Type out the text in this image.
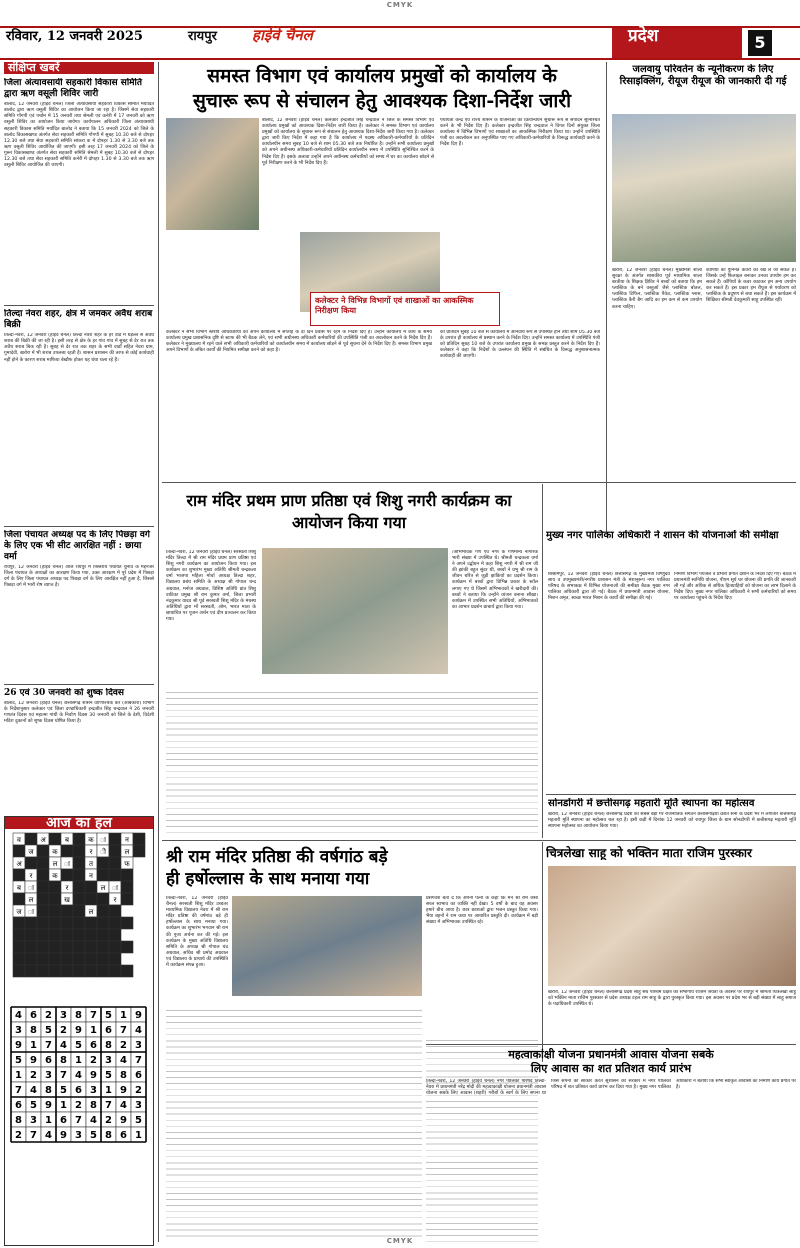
CMYK
रविवार, 12 जनवरी 2025	रायपुर हाईवे चैनल	प्रदेश	5
संक्षिप्त खबरें
जिला अंत्यावसायी सहकारी विकास समिति द्वारा ऋण वसूली शिविर जारी
बालोद, 12 जनवरी (हाईवे चैनल) जिला अंत्यावसायी सहकारी विकास समिति मर्यादित बालोद द्वारा ऋण वसूली शिविर का आयोजन किया जा रहा है। जिसमें सेवा सहकारी समिति गोंगपी एवं पर्चाम में 15 जनवरी तथा श्रेमली एवं कनेरी में 17 जनवरी को ऋण वसूली शिविर का आयोजन किया जायेगा। कार्यपालन अधिकारी जिला अंत्यावसायी सहकारी विकास समिति मर्यादित बालोद ने बताया कि 15 जनवरी 2024 को जिले के बालोद विकासखण्ड अंतर्गत सेवा सहकारी समिति गोंगपी में सुबह 10.30 बजे से दोपहर 12.30 बजे तथा सेवा सहकारी समिति सांकरा क में दोपहर 1.30 से 3.30 बजे तक ऋण वसूली शिविर आयोजित की जाएगी। इसी तरह 17 जनवरी 2024 को जिले के गुरूर विकासखण्ड अंतर्गत सेवा सहकारी समिति श्रेमली में सुबह 10.30 बजे से दोपहर 12.30 बजे तथा सेवा सहकारी समिति कनेरी में दोपहर 1.30 से 3.30 बजे तक ऋण वसूली शिविर आयोजित की जाएगी।
तिल्दा नेवरा शहर, क्षेत्र में जमकर अवैध शराब बिक्री
तिल्दा-नेवरा, 12 जनवरी (हाईवे चैनल) तिल्दा नेवरा शहर के हर वार्ड में धड़ल्ले से अवैध शराब की बिक्री की जा रही है। इसी तरह से क्षेत्र के हर गांव गांव में सुबह से देर रात तक अवैध शराब बिक रही है। सुबह से देर रात तक शहर के सभी वार्डों सहित नेवरा ग्राम, गुमादेवी, खरोरा में भी शराब उपलब्ध रहती है। शासन प्रशासन की तरफ से कोई कार्यवाही नहीं होने के कारण शराब माफिया बेखौफ होकर यह धंधा चला रहे हैं।
जिला पंचायत अध्यक्ष पद के लिए पिछड़ा वर्ग के लिए एक भी सीट आरक्षित नहीं : छाया वर्मा
रायपुर, 12 जनवरी (हाईवे चैनल) आज रायपुर में त्रिस्तरीय पंचायत चुनाव के मद्देनजर जिला पंचायत के अध्यक्षों का आरक्षण किया गया, उक्त आरक्षण में पूरे प्रदेश में पिछड़ा वर्ग के लिए जिला पंचायत अध्यक्ष पद पिछड़ा वर्ग के लिए आरक्षित नहीं हुआ है, जिससे पिछड़ा वर्ग में भारी रोष व्याप्त है।
26 एवं 30 जनवरी को शुष्क दिवस
बालोद, 12 जनवरी (हाईवे चैनल) छत्तीसगढ़ शासन वाणिज्यिक कर (आबकारी) विभाग के निर्देशानुसार कलेक्टर एवं जिला दण्डाधिकारी इन्द्रजीत सिंह चन्द्रवाल ने 26 जनवरी गणतंत्र दिवस एवं महात्मा गांधी के निर्वाण दिवस 30 जनवरी को जिले के देशी, विदेशी मदिरा दुकानों को शुष्क दिवस घोषित किया है।
आज का हल
व	अ	ब	क ा	न
ज	क	र ी	ल
अ	ल ा	त	फ
र	क	न
ब ा	र	ल ा
ल	ख	र
ज ा	ल

4 6 2 3 8 7 5 1 9
3 8 5 2 9 1 6 7 4
9 1 7 4 5 6 8 2 3
5 9 6 8 1 2 3 4 7
1 2 3 7 4 9 5 8 6
7 4 8 5 6 3 1 9 2
6 5 9 1 2 8 7 4 3
8 3 1 6 7 4 2 9 5
2 7 4 9 3 5 8 6 1
समस्त विभाग एवं कार्यालय प्रमुखों को कार्यालय के
सुचारू रूप से संचालन हेतु आवश्यक दिशा-निर्देश जारी
बालोद, 12 जनवरी (हाईवे चैनल) कलेक्टर इन्द्रजीत सिंह चन्द्रवाल ने जिले के समस्त विभाग एवं कार्यालय प्रमुखों को आवश्यक दिशा-निर्देश जारी किया है। कलेक्टर ने समस्त विभाग एवं कार्यालय प्रमुखों को कार्यालय के सुचारू रूप से संचालन हेतु आवश्यक दिशा-निर्देश जारी किया गया है। कलेक्टर द्वारा जारी किए निर्देश में कहा गया है कि कार्यालय में पदस्थ अधिकारी-कर्मचारियों के प्रतिदिन कार्यालयीन समय सुबह 10 बजे से शाम 05.30 बजे तक निर्धारित है। उन्होंने सभी कार्यालय प्रमुखों को अपने अधीनस्थ अधिकारी-कर्मचारियों प्रतिदिन कार्यालयीन समय में उपस्थिति सुनिश्चित करने के निर्देश दिए हैं। इसके अलावा उन्होंने अपने अधीनस्थ कर्मचारियों को समय में घर का कार्यालय छोड़ने से पूर्व निरीक्षण करने के भी निर्देश दिए हैं।
पंचायती केन्द्र एवं राज्य शासन के योजनाओं का क्रियान्वयन सुचारू रूप से संपादन सुनिश्चित करने के भी निर्देश दिए हैं। कलेक्टर इन्द्रजीत सिंह चन्द्रवाल ने विगत दिनों संयुक्त जिला कार्यालय में विभिन्न विभागों एवं शाखाओं का आकस्मिक निरीक्षण किया था। उन्होंने उपस्थिति पंजी का अवलोकन कर अनुपस्थित पाए गए अधिकारी-कर्मचारियों के विरूद्ध कार्यवाही करने के निर्देश दिए हैं।
कलेक्टर ने विभिन्न विभागों एवं शाखाओं का आकस्मिक निरीक्षण किया
कलेक्टर ने सभी विभाग स्तरीय अधिकारियों को अपने कार्यालय में सप्ताह के दो दिन प्रवास पर रहने के निर्देश दिए हैं। उन्होंने कार्यालय में कार्य के समय कार्यालय प्रमुख प्रशासनिक दृष्टि से स्टाफ की भी बैठक लेने, एवं सभी अधीनस्थ अधिकारी कर्मचारियों की उपस्थिति पंजी का अवलोकन करने के निर्देश दिए हैं। कलेक्टर ने मुख्यालय में रहने वाले सभी अधिकारी कर्मचारियों को कार्यालयीन समय में कार्यालय छोड़ने से पूर्व सूचना देने के निर्देश दिए हैं। समस्त विभाग प्रमुख अपने विभागों के लंबित कार्यों की नियमित समीक्षा करने को कहा है।
को प्रतिदिन सुबह 10 बजे से कार्यालय में अनिवार्य रूप से उपस्थित होने तथा शाम 05.30 बजे के उपरांत ही कार्यालय से प्रस्थान करने के निर्देश दिए। उन्होंने समस्त कार्यालय में उपस्थिति पंजी को प्रतिदिन सुबह 10 बजे के उपरांत कार्यालय प्रमुख के समक्ष प्रस्तुत करने के निर्देश दिए हैं। कलेक्टर ने कहा कि निर्देशों के उल्लंघन की स्थिति में संबंधित के विरूद्ध अनुशासनात्मक कार्यवाही की जाएगी।
जलवायु परिवर्तन के न्यूनीकरण के लिए रिसाइक्लिंग, रीयूज रीयूज की जानकारी दी गई
खरोरा, 12 जनवरी (हाईवे चैनल) मुख्यमंत्री शाला सुरक्षा के अंतर्गत शासकीय पूर्व माध्यमिक शाला बरतीया के शिक्षक ज्ञिविर ने बच्चों को बताया कि हम प्लास्टिक के बने वस्तुओं जैसे प्लास्टिक बोतल, प्लास्टिक टिफिन, प्लास्टिक पैकेट, प्लास्टिक ग्लास, प्लास्टिक कैरी बैग आदि का हम कम से कम उपयोग करना चाहिए।
कॉपियों को पुनिनत कवरों को रख ले जा सकते हैं। जिसके उन्हें फिलाइल बनाकर उनका उपयोग हम कर सकते हैं। कॉपियों के कवर काटकर हम अन्य उपयोग कर सकते हैं। इस प्रकार हम रीयूज से पर्यावरण को प्लास्टिक के प्रदूषण से बचा सकते हैं। इस कार्यक्रम में शिक्षिका श्रीमती देवकुमारी साहू उपस्थित रहीं।
राम मंदिर प्रथम प्राण प्रतिष्ठा एवं शिशु नगरी कार्यक्रम का आयोजन किया गया
तिल्दा-नेवरा, 12 जनवरी (हाईवे चैनल) सरस्वती शिशु मंदिर तिल्दा में श्री राम मंदिर प्रथम प्राण प्रतिष्ठा एवं शिशु नगरी कार्यक्रम का आयोजन किया गया। इस कार्यक्रम का शुभारंभ मुख्य अतिथि श्रीमती चन्द्रकला वर्मा भाजपा महिला मोर्चा अध्यक्ष तिल्दा शहर, विद्यालय प्रबंध समिति के अध्यक्ष श्री गोपाल चन्द अग्रवाल, मनोज अग्रवाल, विशिष्ट अतिथि प्रांत शिशु वाटिका प्रमुख श्री राम कुमार वर्मा, जिला प्रभारी नंदकुमार यादव श्री पूर्व सरस्वती शिशु मंदिर के मंचस्थ अतिथियों द्वारा माँ सरस्वती, ओम, भारत माता के छायाचित्र पर पूजन अर्चन एवं दीप प्रज्वलन कर किया गया।
/अभिभावक गण एवं नगर के गणमान्य नागरिक भारी संख्या में उपस्थित थे। श्रीमती चन्द्रकला वर्मा ने अपने उद्बोधन में कहा शिशु नगरी में श्री राम जी की झांकी बहुत सुंदर थी, बच्चों ने प्रभु श्री राम के जीवन चरित्र से जुड़ी झांकियों का प्रदर्शन किया। कार्यक्रम में बच्चों द्वारा विभिन्न प्रकार के स्टॉल लगाए गए थे जिसमें अभिभावकों ने खरीदारी की। बच्चों ने बताया कि उन्होंने व्यंजन बनाना सीखा। कार्यक्रम में उपस्थित सभी अतिथियों, अभिभावकों का आभार प्रदर्शन प्राचार्य द्वारा किया गया।
मुख्य नगर पालिका अधिकारी ने शासन की योजनाओं की समीक्षा
बिश्रामपुर, 12 जनवरी (हाईवे चैनल) छत्तीसगढ़ के मुख्यमंत्री विष्णुदेव साय व उपमुख्यमंत्री/नगरीय प्रशासन मंत्री के मंशानुरूप नगर पालिका परिषद के सभाकक्ष में विभिन्न योजनाओं की समीक्षा बैठक मुख्य नगर पालिका अधिकारी द्वारा ली गई। बैठक में प्रधानमंत्री आवास योजना, मिशन अमृत, स्वच्छ भारत मिशन के कार्यों की समीक्षा की गई।
निर्माण विभाग पेयजल व प्रभारी प्रगति दर्शाने के निर्देश दिए गए। बैठक में प्रधानमंत्री स्वनिधि योजना, पीएम सूर्य घर योजना की प्रगति की जानकारी ली गई और अधिक से अधिक हितग्राहियों को योजना का लाभ दिलाने के निर्देश दिए। मुख्य नगर पालिका अधिकारी ने सभी कर्मचारियों को समय पर कार्यालय पहुंचने के निर्देश दिए।
सोनडोंगरी में छत्तीसगढ़ महतारी मूर्ति स्थापना का महोत्सव
खरोरा, 12 जनवरी (हाईवे चैनल) छत्तीसगढ़ प्रदेश की सबसे बड़ी गैर राजनीतिक संगठन छत्तीसगढ़िया क्रांति सेना के प्रदेश भर में लगातार छत्तीसगढ़ महतारी मूर्ति स्थापना का महोत्सव चल रहा है। इसी कड़ी में दिनांक 12 जनवरी को रायपुर जिला के ग्राम सोनडोंगरी में छत्तीसगढ़ महतारी मूर्ति स्थापना महोत्सव का आयोजन किया गया।
श्री राम मंदिर प्रतिष्ठा की वर्षगांठ बड़े
ही हर्षोल्लास के साथ मनाया गया
तिल्दा-नेवरा, 12 जनवरी (हाईवे चैनल) सरस्वती शिशु मंदिर उच्चतर माध्यमिक विद्यालय नेवरा में श्री राम मंदिर प्रतिष्ठा की वर्षगांठ बड़े ही हर्षोल्लास के साथ मनाया गया। कार्यक्रम का शुभारंभ भगवान श्री राम की पूजा अर्चना कर की गई। इस कार्यक्रम के मुख्य अतिथि विद्यालय समिति के अध्यक्ष श्री गोपाल चंद अग्रवाल, सचिव श्री प्रमोद अग्रवाल एवं विद्यालय के प्राचार्य की उपस्थिति में कार्यक्रम संपन्न हुआ।
प्रसंगवश बता दें कि अपनी पत्नी के कहा कि मैंने श्री राम जैसा सरल स्वभाव का व्यक्ति नहीं देखा। 5 वर्षों के बाद यह अवसर हमारे बीच आया है। छात्र छात्राओं द्वारा भजन प्रस्तुत किया गया। भैया बहनों ने राम कथा पर आधारित प्रस्तुति दी। कार्यक्रम में बड़ी संख्या में अभिभावक उपस्थित रहे।
चित्रलेखा साहू को भक्तिन माता राजिम पुरस्कार
खरोरा, 12 जनवरी (हाईवे चैनल) छत्तीसगढ़ प्रदेश साहू संघ पश्चिम प्रक्षेत्र की संभागीय राजिम जयंती के अवसर पर रायपुर में श्रीमती चित्रलेखा साहू को भक्तिन माता राजिम पुरस्कार से प्रदेश अध्यक्ष टहल राम साहू के द्वारा पुरस्कृत किया गया। इस अवसर पर प्रदेश भर से बड़ी संख्या में साहू समाज के पदाधिकारी उपस्थित थे।
महत्वाकांक्षी योजना प्रधानमंत्री आवास योजना सबके
लिए आवास का शत प्रतिशत कार्य प्रारंभ
तिल्दा-नेवरा, 12 जनवरी (हाईवे चैनल) नगर पालिका परिषद तिल्दा-नेवरा में प्रधानमंत्री नरेंद्र मोदी की महत्वाकांक्षी योजना प्रधानमंत्री आवास योजना सबके लिए आवास (शहरी) गरीबों के स्वर्ग के लिए सपना था जिसे सपनों को साकार करते सुशासन की सरकार में नगर पालिका परिषद में शत प्रतिशत कार्य प्रारंभ कर दिया गया है। मुख्य नगर पालिका अधिकारी ने बताया कि सभी स्वीकृत आवासों का निर्माण कार्य प्रगति पर है।
CMYK
